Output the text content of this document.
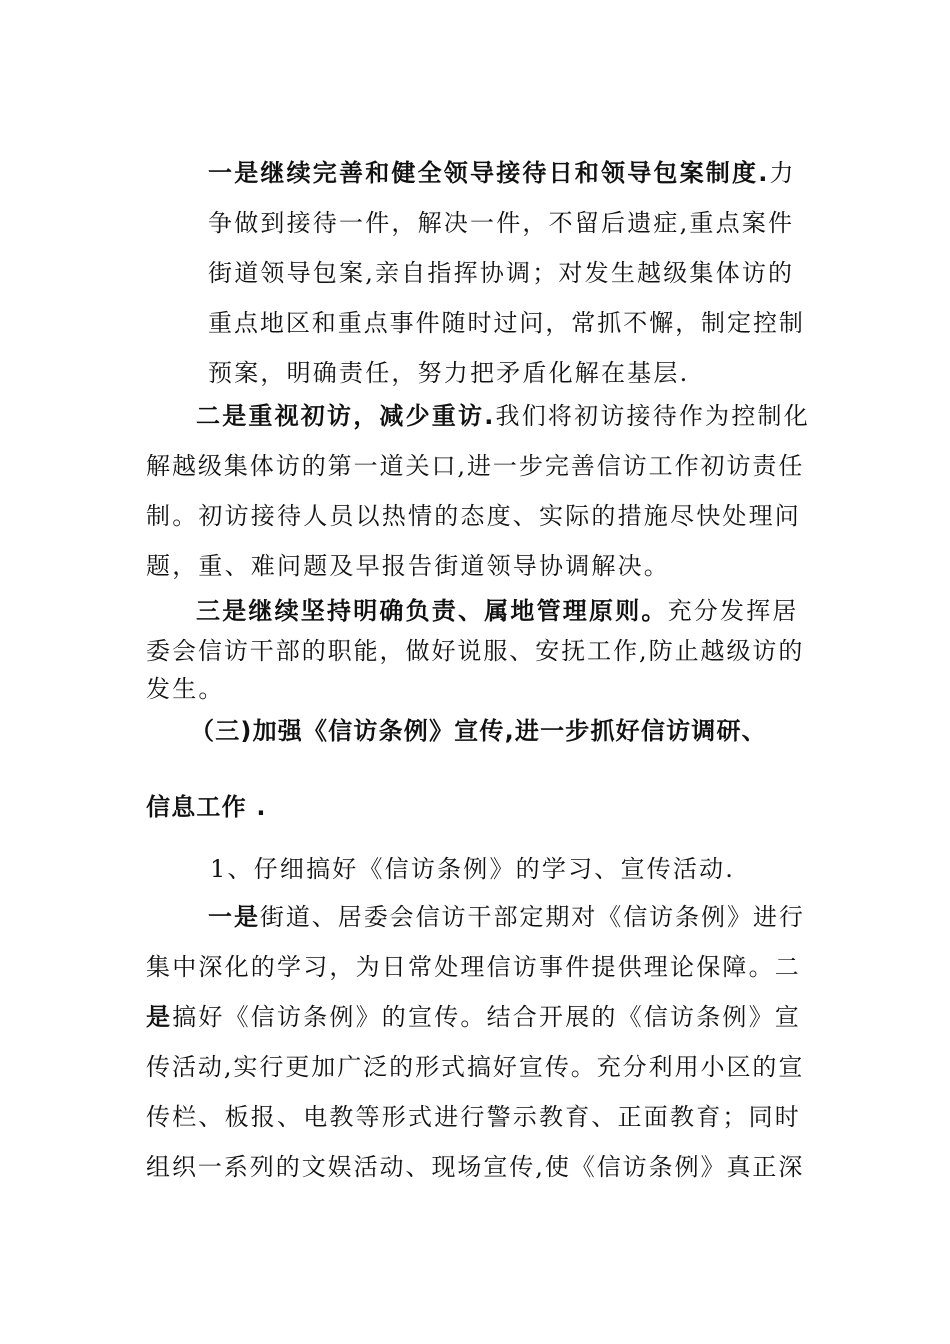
一是继续完善和健全领导接待日和领导包案制度.力
争做到接待一件，解决一件，不留后遗症,重点案件
街道领导包案,亲自指挥协调；对发生越级集体访的
重点地区和重点事件随时过问，常抓不懈，制定控制
预案，明确责任，努力把矛盾化解在基层.
二是重视初访，减少重访.我们将初访接待作为控制化
解越级集体访的第一道关口,进一步完善信访工作初访责任
制。初访接待人员以热情的态度、实际的措施尽快处理问
题，重、难问题及早报告街道领导协调解决。
三是继续坚持明确负责、属地管理原则。充分发挥居
委会信访干部的职能，做好说服、安抚工作,防止越级访的
发生。
（三)加强《信访条例》宣传,进一步抓好信访调研、
信息工作 .
1、仔细搞好《信访条例》的学习、宣传活动.
一是街道、居委会信访干部定期对《信访条例》进行
集中深化的学习，为日常处理信访事件提供理论保障。二
是搞好《信访条例》的宣传。结合开展的《信访条例》宣
传活动,实行更加广泛的形式搞好宣传。充分利用小区的宣
传栏、板报、电教等形式进行警示教育、正面教育；同时
组织一系列的文娱活动、现场宣传,使《信访条例》真正深
